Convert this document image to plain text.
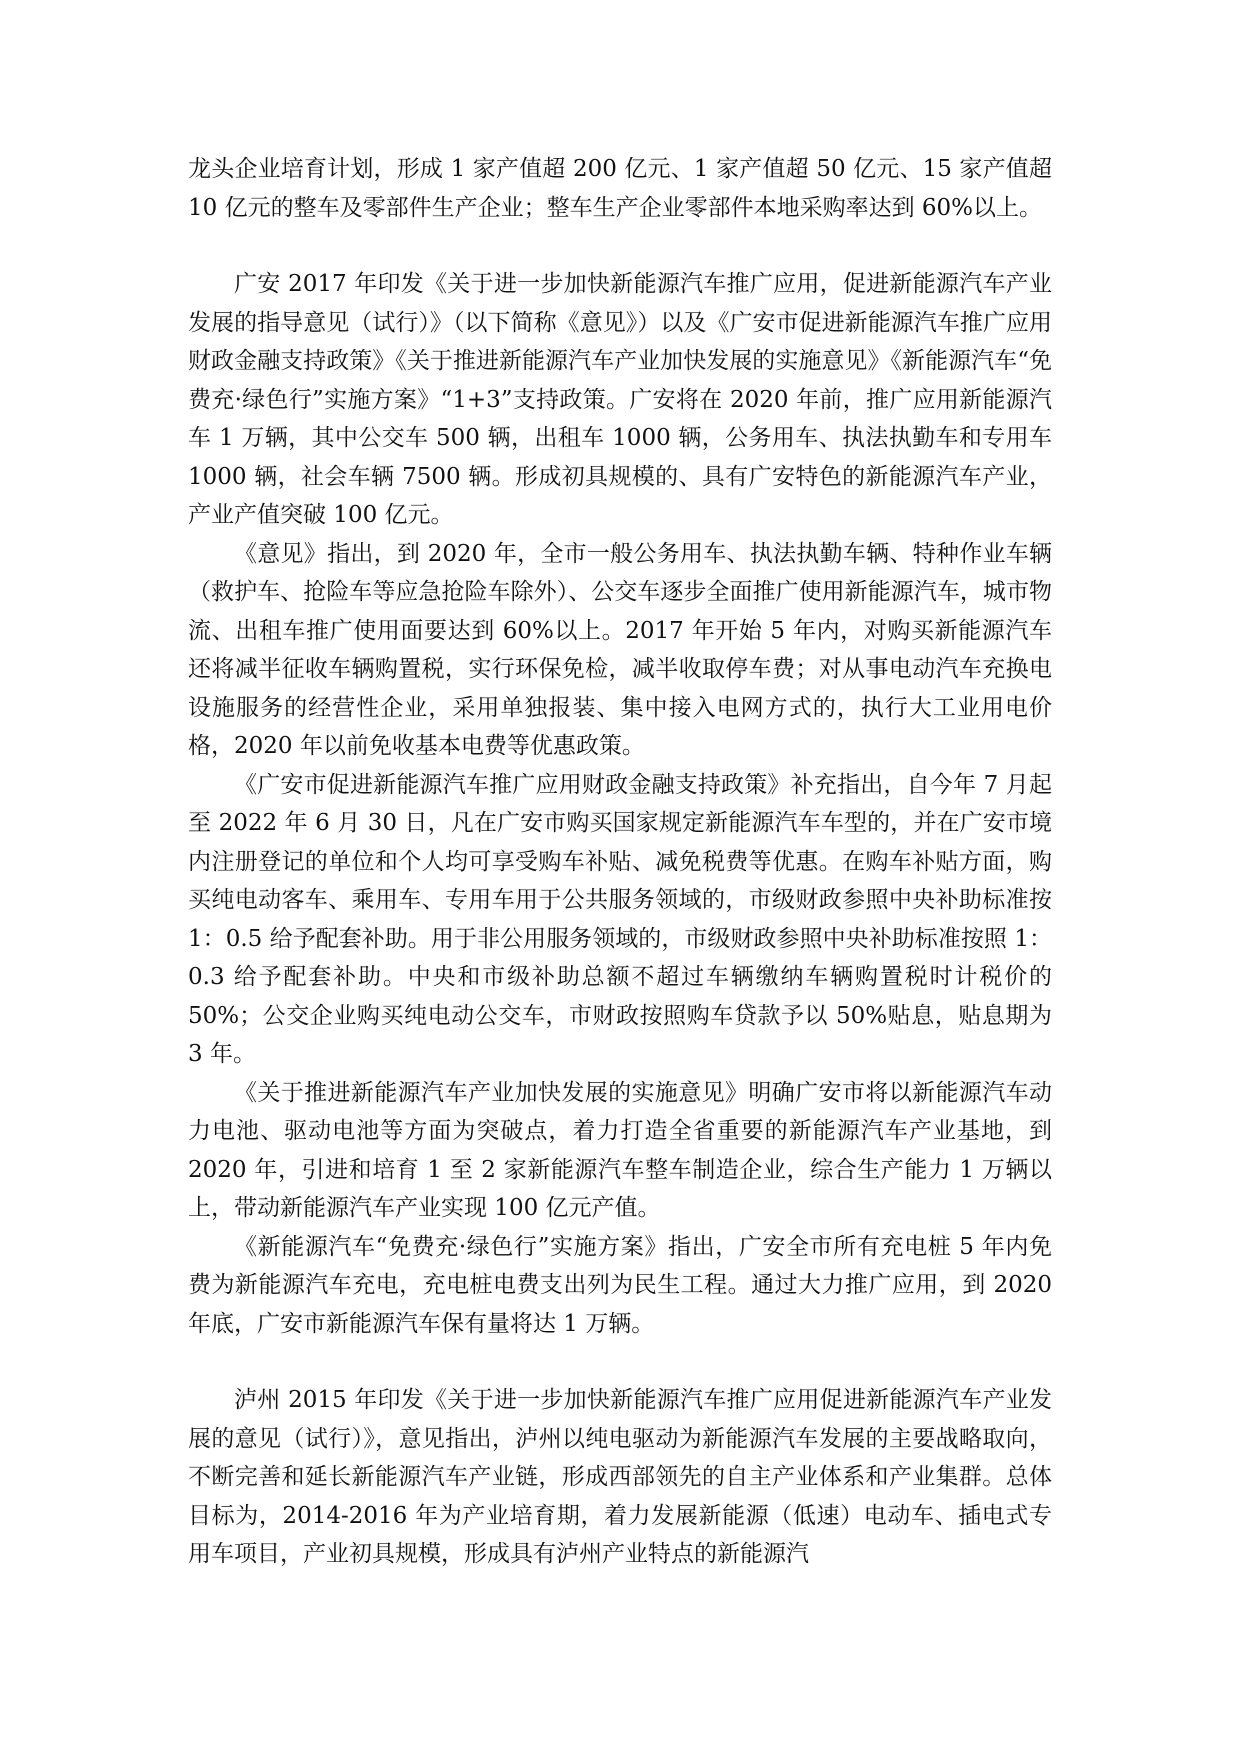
龙头企业培育计划，形成 1 家产值超 200 亿元、1 家产值超 50 亿元、15 家产值超 10 亿元的整车及零部件生产企业；整车生产企业零部件本地采购率达到 60%以上。

广安 2017 年印发《关于进一步加快新能源汽车推广应用，促进新能源汽车产业发展的指导意见（试行）》（以下简称《意见》）以及《广安市促进新能源汽车推广应用财政金融支持政策》《关于推进新能源汽车产业加快发展的实施意见》《新能源汽车“免费充·绿色行”实施方案》“1+3”支持政策。广安将在 2020 年前，推广应用新能源汽车 1 万辆，其中公交车 500 辆，出租车 1000 辆，公务用车、执法执勤车和专用车 1000 辆，社会车辆 7500 辆。形成初具规模的、具有广安特色的新能源汽车产业，产业产值突破 100 亿元。

《意见》指出，到 2020 年，全市一般公务用车、执法执勤车辆、特种作业车辆（救护车、抢险车等应急抢险车除外）、公交车逐步全面推广使用新能源汽车，城市物流、出租车推广使用面要达到 60%以上。2017 年开始 5 年内，对购买新能源汽车还将减半征收车辆购置税，实行环保免检，减半收取停车费；对从事电动汽车充换电设施服务的经营性企业，采用单独报装、集中接入电网方式的，执行大工业用电价格，2020 年以前免收基本电费等优惠政策。

《广安市促进新能源汽车推广应用财政金融支持政策》补充指出，自今年 7 月起至 2022 年 6 月 30 日，凡在广安市购买国家规定新能源汽车车型的，并在广安市境内注册登记的单位和个人均可享受购车补贴、减免税费等优惠。在购车补贴方面，购买纯电动客车、乘用车、专用车用于公共服务领域的，市级财政参照中央补助标准按 1：0.5 给予配套补助。用于非公用服务领域的，市级财政参照中央补助标准按照 1：0.3 给予配套补助。中央和市级补助总额不超过车辆缴纳车辆购置税时计税价的 50%；公交企业购买纯电动公交车，市财政按照购车贷款予以 50%贴息，贴息期为 3 年。

《关于推进新能源汽车产业加快发展的实施意见》明确广安市将以新能源汽车动力电池、驱动电池等方面为突破点，着力打造全省重要的新能源汽车产业基地，到 2020 年，引进和培育 1 至 2 家新能源汽车整车制造企业，综合生产能力 1 万辆以上，带动新能源汽车产业实现 100 亿元产值。

《新能源汽车“免费充·绿色行”实施方案》指出，广安全市所有充电桩 5 年内免费为新能源汽车充电，充电桩电费支出列为民生工程。通过大力推广应用，到 2020 年底，广安市新能源汽车保有量将达 1 万辆。

泸州 2015 年印发《关于进一步加快新能源汽车推广应用促进新能源汽车产业发展的意见（试行）》，意见指出，泸州以纯电驱动为新能源汽车发展的主要战略取向，不断完善和延长新能源汽车产业链，形成西部领先的自主产业体系和产业集群。总体目标为，2014-2016 年为产业培育期，着力发展新能源（低速）电动车、插电式专用车项目，产业初具规模，形成具有泸州产业特点的新能源汽
